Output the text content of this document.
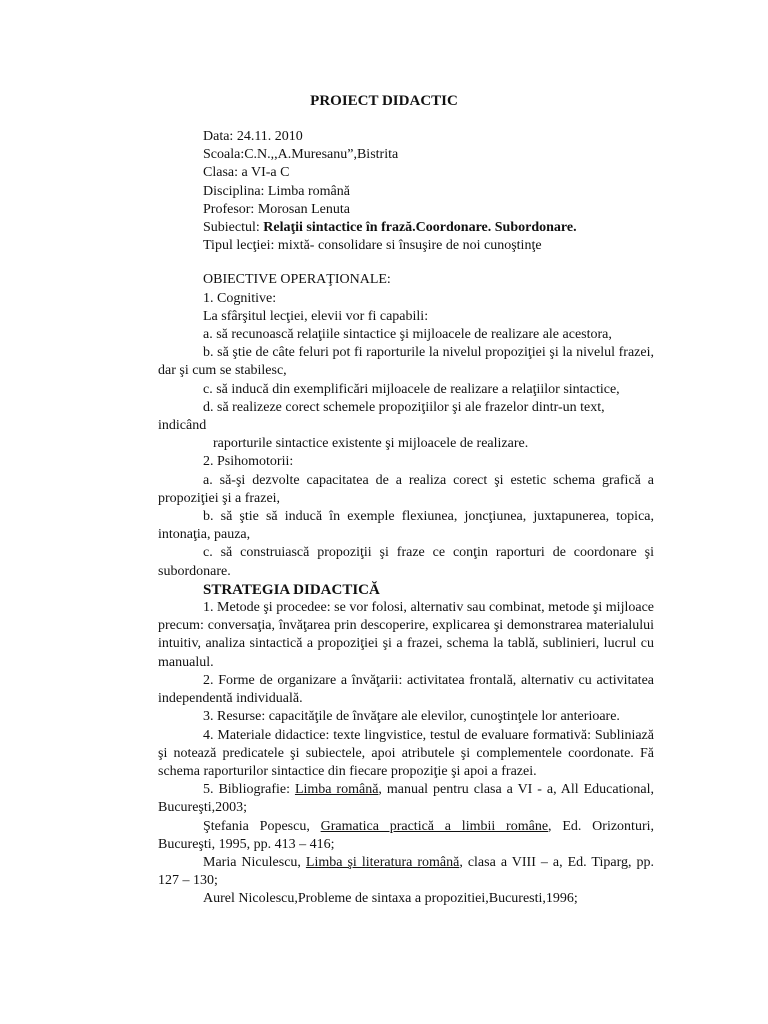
PROIECT DIDACTIC

Data: 24.11. 2010

Scoala:C.N.,,A.Muresanu”,Bistrita

Clasa: a VI-a C

Disciplina: Limba română

Profesor: Morosan Lenuta

Subiectul: Relaţii sintactice în frază.Coordonare. Subordonare.

Tipul lecţiei: mixtă- consolidare si însuşire de noi cunoştinţe

OBIECTIVE OPERAŢIONALE:

1. Cognitive:

La sfârşitul lecţiei, elevii vor fi capabili:

a. să recunoască relaţiile sintactice şi mijloacele de realizare ale acestora,

b. să ştie de câte feluri pot fi raporturile la nivelul propoziţiei şi la nivelul frazei, dar şi cum se stabilesc,

c. să inducă din exemplificări mijloacele de realizare a relaţiilor sintactice,

d. să realizeze corect schemele propoziţiilor şi ale frazelor dintr-un text,

indicând

raporturile sintactice existente şi mijloacele de realizare.

2. Psihomotorii:

a. să-şi dezvolte capacitatea de a realiza corect şi estetic schema grafică a propoziţiei şi a frazei,

b. să ştie să inducă în exemple flexiunea, joncţiunea, juxtapunerea, topica, intonaţia, pauza,

c. să construiască propoziţii şi fraze ce conţin raporturi de coordonare şi subordonare.

STRATEGIA DIDACTICĂ

1. Metode şi procedee: se vor folosi, alternativ sau combinat, metode şi mijloace precum: conversaţia, învăţarea prin descoperire, explicarea şi demonstrarea materialului intuitiv, analiza sintactică a propoziţiei şi a frazei, schema la tablă, sublinieri, lucrul cu manualul.

2. Forme de organizare a învăţarii: activitatea frontală, alternativ cu activitatea independentă individuală.

3. Resurse: capacităţile de învăţare ale elevilor, cunoştinţele lor anterioare.

4. Materiale didactice: texte lingvistice, testul de evaluare formativă: Subliniază şi notează predicatele şi subiectele, apoi atributele şi complementele coordonate. Fă schema raporturilor sintactice din fiecare propoziţie şi apoi a frazei.

5. Bibliografie: Limba română, manual pentru clasa a VI - a, All Educational, Bucureşti,2003;

Ştefania Popescu, Gramatica practică a limbii române, Ed. Orizonturi, Bucureşti, 1995, pp. 413 – 416;

Maria Niculescu, Limba şi literatura română, clasa a VIII – a, Ed. Tiparg, pp. 127 – 130;

Aurel Nicolescu,Probleme de sintaxa a propozitiei,Bucuresti,1996;
